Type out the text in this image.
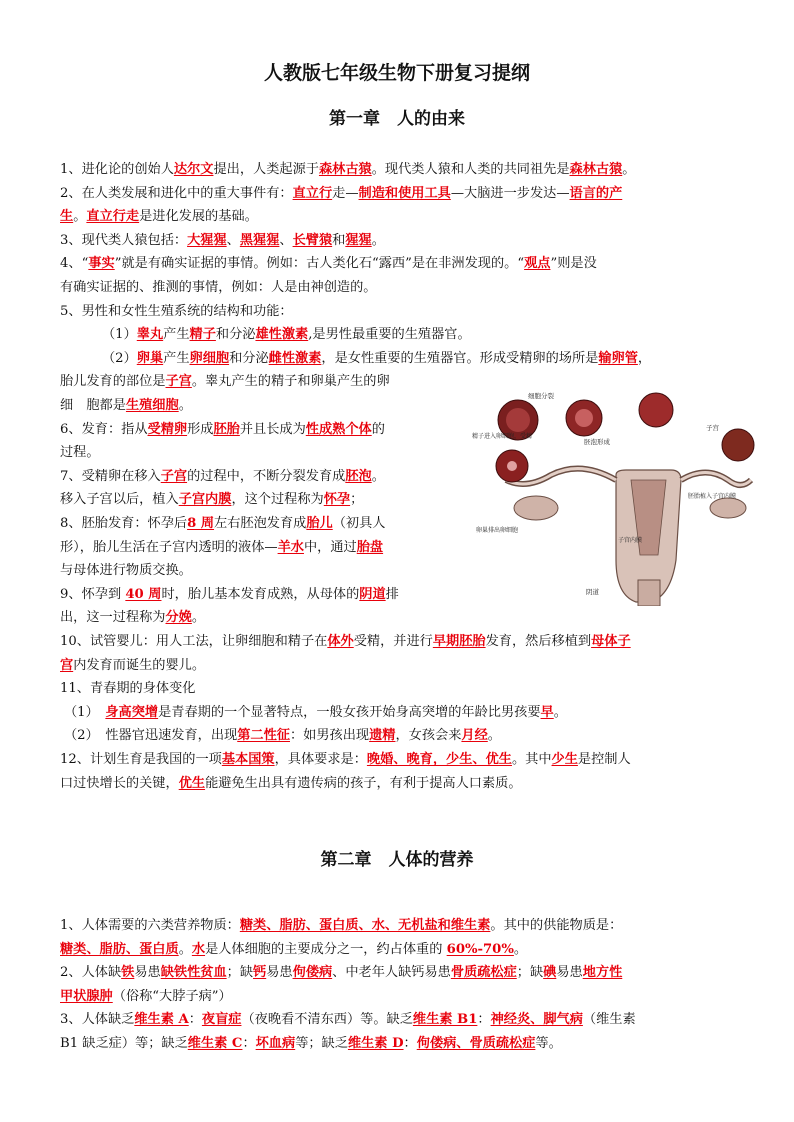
人教版七年级生物下册复习提纲
第一章　人的由来
第二章　人体的营养
1、进化论的创始人达尔文提出，人类起源于森林古猿。现代类人猿和人类的共同祖先是森林古猿。
2、在人类发展和进化中的重大事件有：直立行走—制造和使用工具—大脑进一步发达—语言的产
生。直立行走是进化发展的基础。
3、现代类人猿包括：大猩猩、黑猩猩、长臂猿和猩猩。
4、“事实”就是有确实证据的事情。例如：古人类化石“露西”是在非洲发现的。“观点”则是没
有确实证据的、推测的事情，例如：人是由神创造的。
5、男性和女性生殖系统的结构和功能：
（1）睾丸产生精子和分泌雄性激素,是男性最重要的生殖器官。
（2）卵巢产生卵细胞和分泌雌性激素，是女性重要的生殖器官。形成受精卵的场所是输卵管，
胎儿发育的部位是子宫。睾丸产生的精子和卵巢产生的卵
细　胞都是生殖细胞。
6、发育：指从受精卵形成胚胎并且长成为性成熟个体的
过程。
7、受精卵在移入子宫的过程中，不断分裂发育成胚泡。
移入子宫以后，植入子宫内膜，这个过程称为怀孕；
8、胚胎发育：怀孕后8 周左右胚泡发育成胎儿（初具人
形），胎儿生活在子宫内透明的液体—羊水中，通过胎盘
与母体进行物质交换。
9、怀孕到 40 周时，胎儿基本发育成熟，从母体的阴道排
出，这一过程称为分娩。
10、试管婴儿：用人工法，让卵细胞和精子在体外受精，并进行早期胚胎发育，然后移植到母体子
宫内发育而诞生的婴儿。
11、青春期的身体变化
（1）　身高突增是青春期的一个显著特点，一般女孩开始身高突增的年龄比男孩要早。
（2）　性器官迅速发育，出现第二性征：如男孩出现遗精，女孩会来月经。
12、计划生育是我国的一项基本国策，具体要求是：晚婚、晚育，少生、优生。其中少生是控制人
口过快增长的关键，优生能避免生出具有遗传病的孩子，有利于提高人口素质。
1、人体需要的六类营养物质：糖类、脂肪、蛋白质、水、无机盐和维生素。其中的供能物质是：
糖类、脂肪、蛋白质。水是人体细胞的主要成分之一，约占体重的 60%-70%。
2、人体缺铁易患缺铁性贫血；缺钙易患佝偻病、中老年人缺钙易患骨质疏松症；缺碘易患地方性
甲状腺肿（俗称“大脖子病”）
3、人体缺乏维生素 A：夜盲症（夜晚看不清东西）等。缺乏维生素 B1：神经炎、脚气病（维生素
B1 缺乏症）等；缺乏维生素 C：坏血病等；缺乏维生素 D：佝偻病、骨质疏松症等。
细胞分裂
胚泡形成
精子进入卵细胞，受精
子宫
胚胎植入子宫内膜
卵巢排出卵细胞
子宫内膜
阴道
